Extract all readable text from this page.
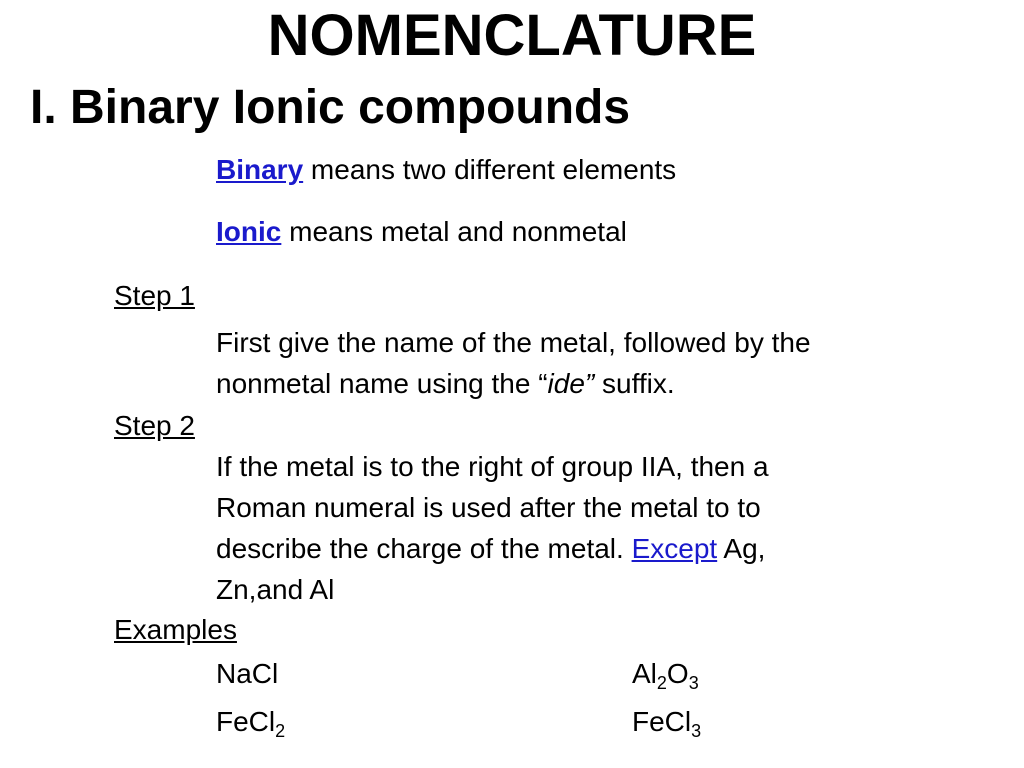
NOMENCLATURE
I. Binary Ionic compounds
Binary means two different elements
Ionic means metal and nonmetal
Step 1
First give the name of the metal, followed by the
nonmetal name using the “ide” suffix.
Step 2
If the metal is to the right of group IIA, then a
Roman numeral is used after the metal to to
describe the charge of the metal. Except Ag,
Zn,and Al
Examples
NaCl	$Al_2O_3$
FeCl$_2$	FeCl$_3$
